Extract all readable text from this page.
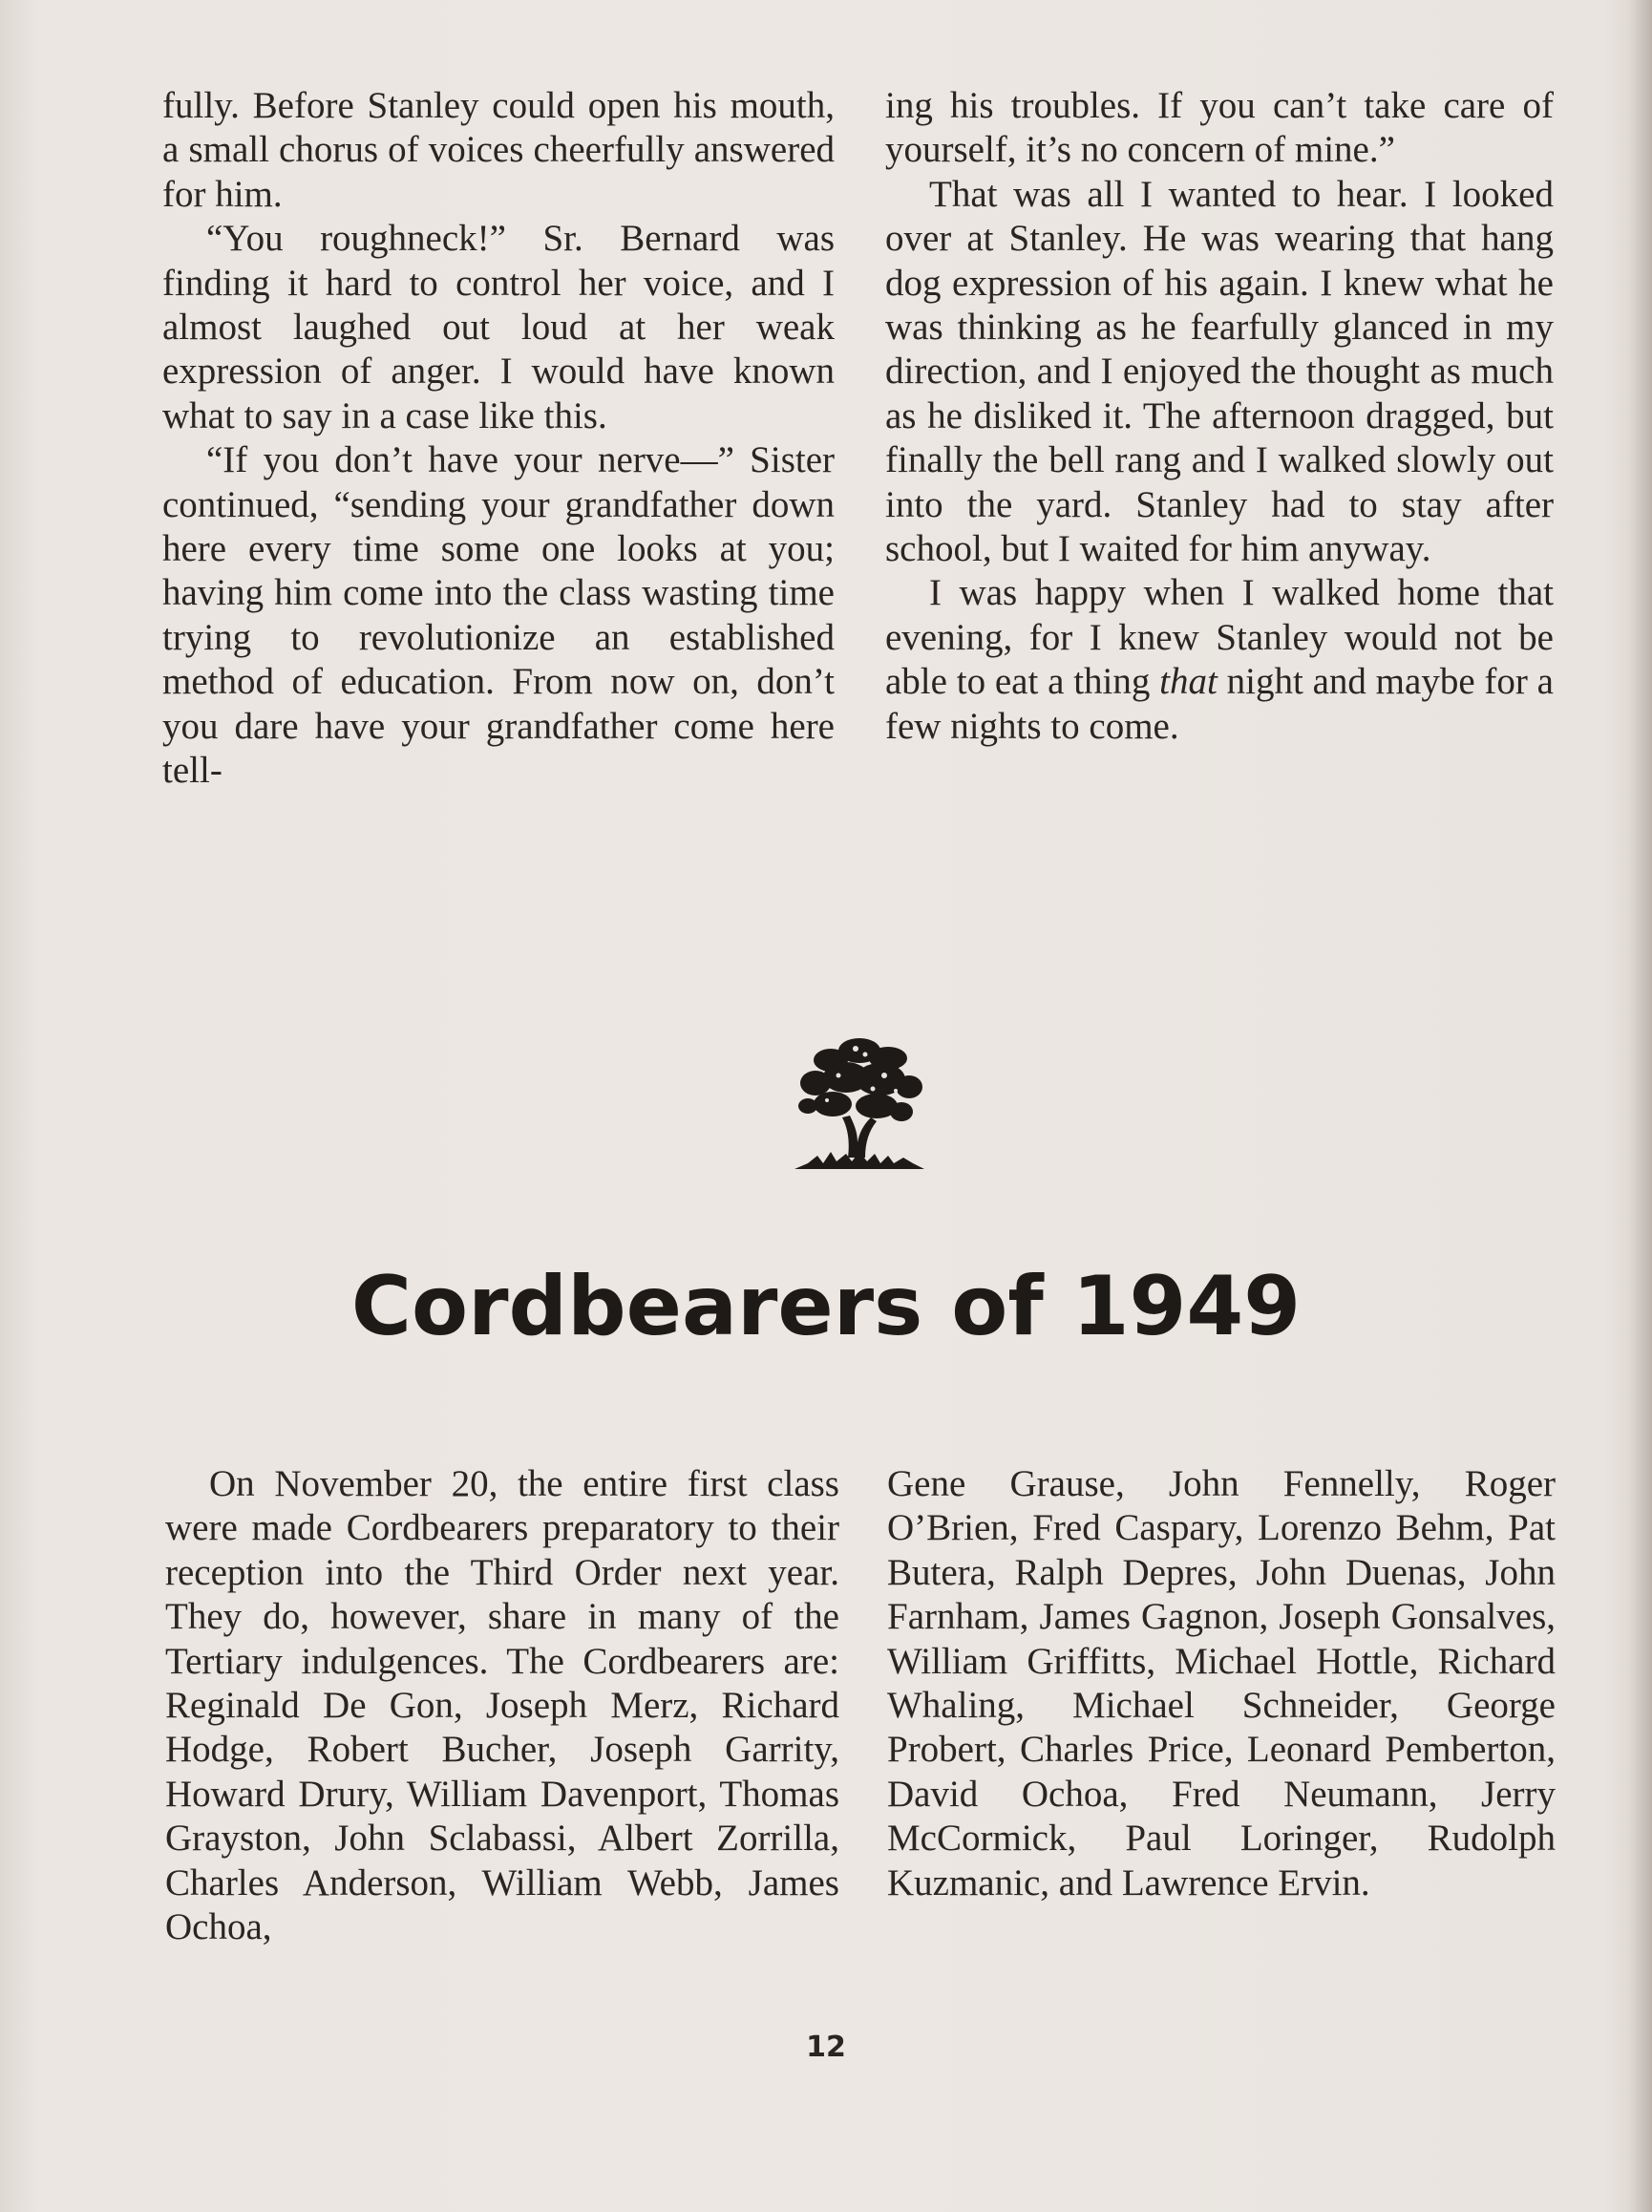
fully. Before Stanley could open his mouth, a small chorus of voices cheerfully answered for him.

“You roughneck!” Sr. Bernard was finding it hard to control her voice, and I almost laughed out loud at her weak expression of anger. I would have known what to say in a case like this.

“If you don’t have your nerve—” Sister continued, “sending your grandfather down here every time some one looks at you; having him come into the class wasting time trying to revolutionize an established method of education. From now on, don’t you dare have your grandfather come here tell-

ing his troubles. If you can’t take care of yourself, it’s no concern of mine.”

That was all I wanted to hear. I looked over at Stanley. He was wearing that hang dog expression of his again. I knew what he was thinking as he fearfully glanced in my direction, and I enjoyed the thought as much as he disliked it. The afternoon dragged, but finally the bell rang and I walked slowly out into the yard. Stanley had to stay after school, but I waited for him anyway.

I was happy when I walked home that evening, for I knew Stanley would not be able to eat a thing that night and maybe for a few nights to come.

Cordbearers of 1949

On November 20, the entire first class were made Cordbearers preparatory to their reception into the Third Order next year. They do, however, share in many of the Tertiary indulgences. The Cordbearers are: Reginald De Gon, Joseph Merz, Richard Hodge, Robert Bucher, Joseph Garrity, Howard Drury, William Davenport, Thomas Grayston, John Sclabassi, Albert Zorrilla, Charles Anderson, William Webb, James Ochoa,

Gene Grause, John Fennelly, Roger O’Brien, Fred Caspary, Lorenzo Behm, Pat Butera, Ralph Depres, John Duenas, John Farnham, James Gagnon, Joseph Gonsalves, William Griffitts, Michael Hottle, Richard Whaling, Michael Schneider, George Probert, Charles Price, Leonard Pemberton, David Ochoa, Fred Neumann, Jerry McCormick, Paul Loringer, Rudolph Kuzmanic, and Lawrence Ervin.

12
